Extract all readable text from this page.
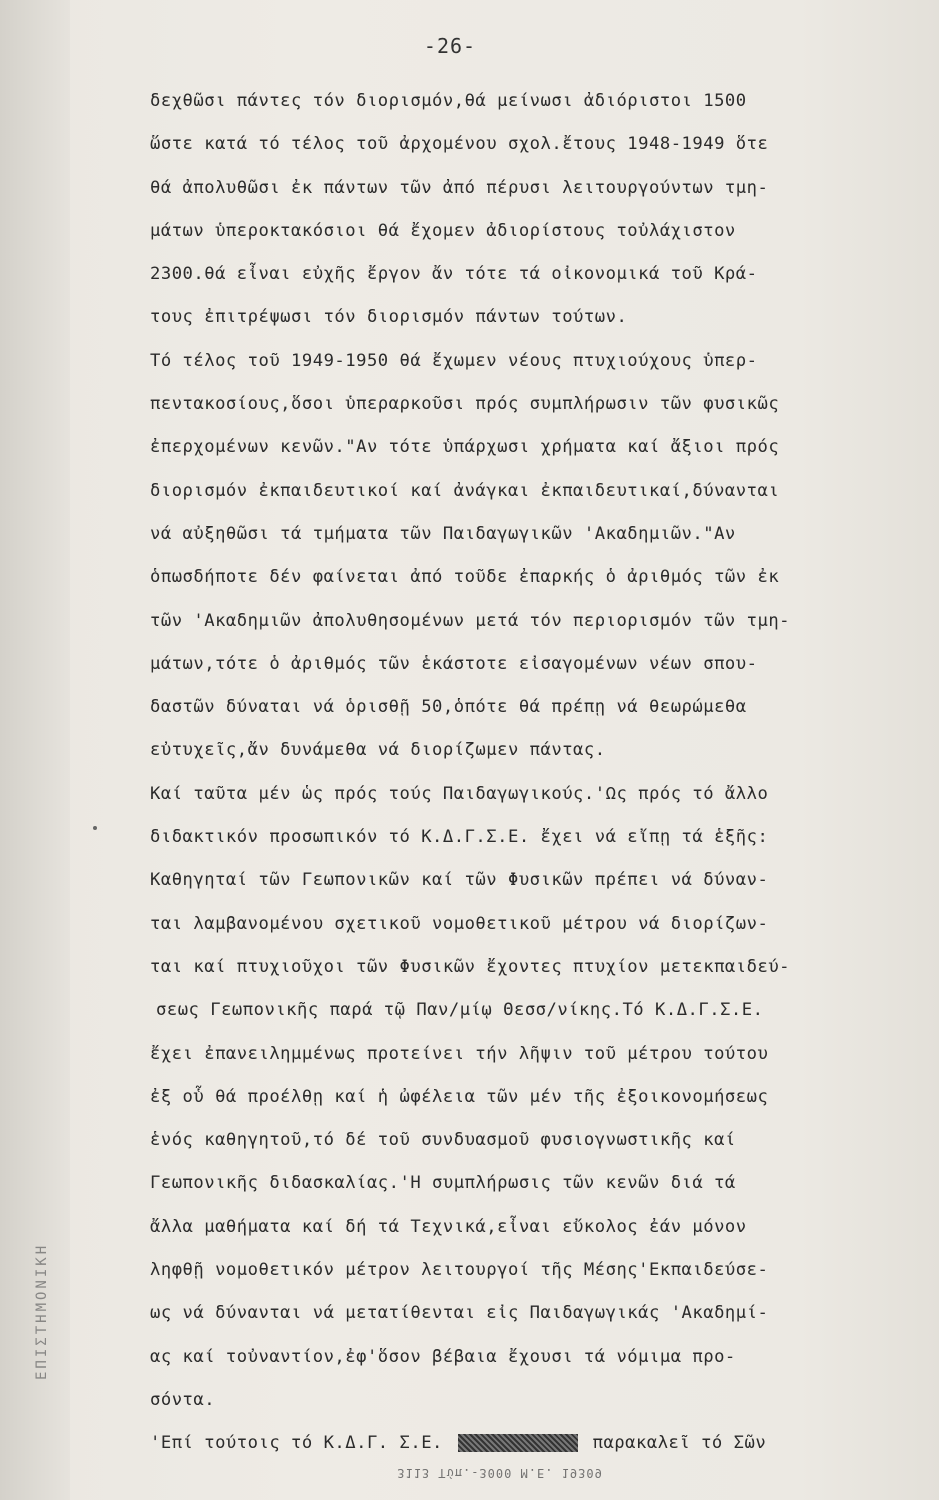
-26-
δεχθῶσι πάντες τόν διορισμόν,θά μείνωσι ἀδιόριστοι 1500
ὥστε κατά τό τέλος τοῦ ἀρχομένου σχολ.ἔτους 1948-1949 ὅτε
θά ἀπολυθῶσι ἐκ πάντων τῶν ἀπό πέρυσι λειτουργούντων τμη-
μάτων ὑπεροκτακόσιοι θά ἔχομεν ἀδιορίστους τοὐλάχιστον
2300.θά εἶναι εὐχῆς ἔργον ἄν τότε τά οἰκονομικά τοῦ Κρά-
τους ἐπιτρέψωσι τόν διορισμόν πάντων τούτων.
Τό τέλος τοῦ 1949-1950 θά ἔχωμεν νέους πτυχιούχους ὑπερ-
πεντακοσίους,ὅσοι ὑπεραρκοῦσι πρός συμπλήρωσιν τῶν φυσικῶς
ἐπερχομένων κενῶν."Αν τότε ὑπάρχωσι χρήματα καί ἄξιοι πρός
διορισμόν ἐκπαιδευτικοί καί ἀνάγκαι ἐκπαιδευτικαί,δύνανται
νά αὐξηθῶσι τά τμήματα τῶν Παιδαγωγικῶν 'Ακαδημιῶν."Αν
ὁπωσδήποτε δέν φαίνεται ἀπό τοῦδε ἐπαρκής ὁ ἀριθμός τῶν ἐκ
τῶν 'Ακαδημιῶν ἀπολυθησομένων μετά τόν περιορισμόν τῶν τμη-
μάτων,τότε ὁ ἀριθμός τῶν ἑκάστοτε εἰσαγομένων νέων σπου-
δαστῶν δύναται νά ὁρισθῇ 50,ὁπότε θά πρέπῃ νά θεωρώμεθα
εὐτυχεῖς,ἄν δυνάμεθα νά διορίζωμεν πάντας.
Καί ταῦτα μέν ὡς πρός τούς Παιδαγωγικούς.'Ως πρός τό ἄλλο
διδακτικόν προσωπικόν τό Κ.Δ.Γ.Σ.Ε. ἔχει νά εἴπῃ τά ἑξῆς:
Καθηγηταί τῶν Γεωπονικῶν καί τῶν Φυσικῶν πρέπει νά δύναν-
ται λαμβανομένου σχετικοῦ νομοθετικοῦ μέτρου νά διορίζων-
ται καί πτυχιοῦχοι τῶν Φυσικῶν ἔχοντες πτυχίον μετεκπαιδεύ-
σεως Γεωπονικῆς παρά τῷ Παν/μίῳ Θεσσ/νίκης.Τό Κ.Δ.Γ.Σ.Ε.
ἔχει ἐπανειλημμένως προτείνει τήν λῆψιν τοῦ μέτρου τούτου
ἐξ οὗ θά προέλθῃ καί ἡ ὠφέλεια τῶν μέν τῆς ἐξοικονομήσεως
ἑνός καθηγητοῦ,τό δέ τοῦ συνδυασμοῦ φυσιογνωστικῆς καί
Γεωπονικῆς διδασκαλίας.'Η συμπλήρωσις τῶν κενῶν διά τά
ἄλλα μαθήματα καί δή τά Τεχνικά,εἶναι εὔκολος ἐάν μόνον
ληφθῇ νομοθετικόν μέτρον λειτουργοί τῆς Μέσης'Εκπαιδεύσε-
ως νά δύνανται νά μετατίθενται εἰς Παιδαγωγικάς 'Ακαδημί-
ας καί τοὐναντίον,ἐφ'ὅσον βέβαια ἔχουσι τά νόμιμα προ-
σόντα.
'Επί τούτοις τό Κ.Δ.Γ. Σ.Ε.	παρακαλεῖ τό Σῶν
ΕΠΙΣΤΗΜΟΝΙΚΗ
3113 Τύπ.-3000 Μ.Ε. 19309
